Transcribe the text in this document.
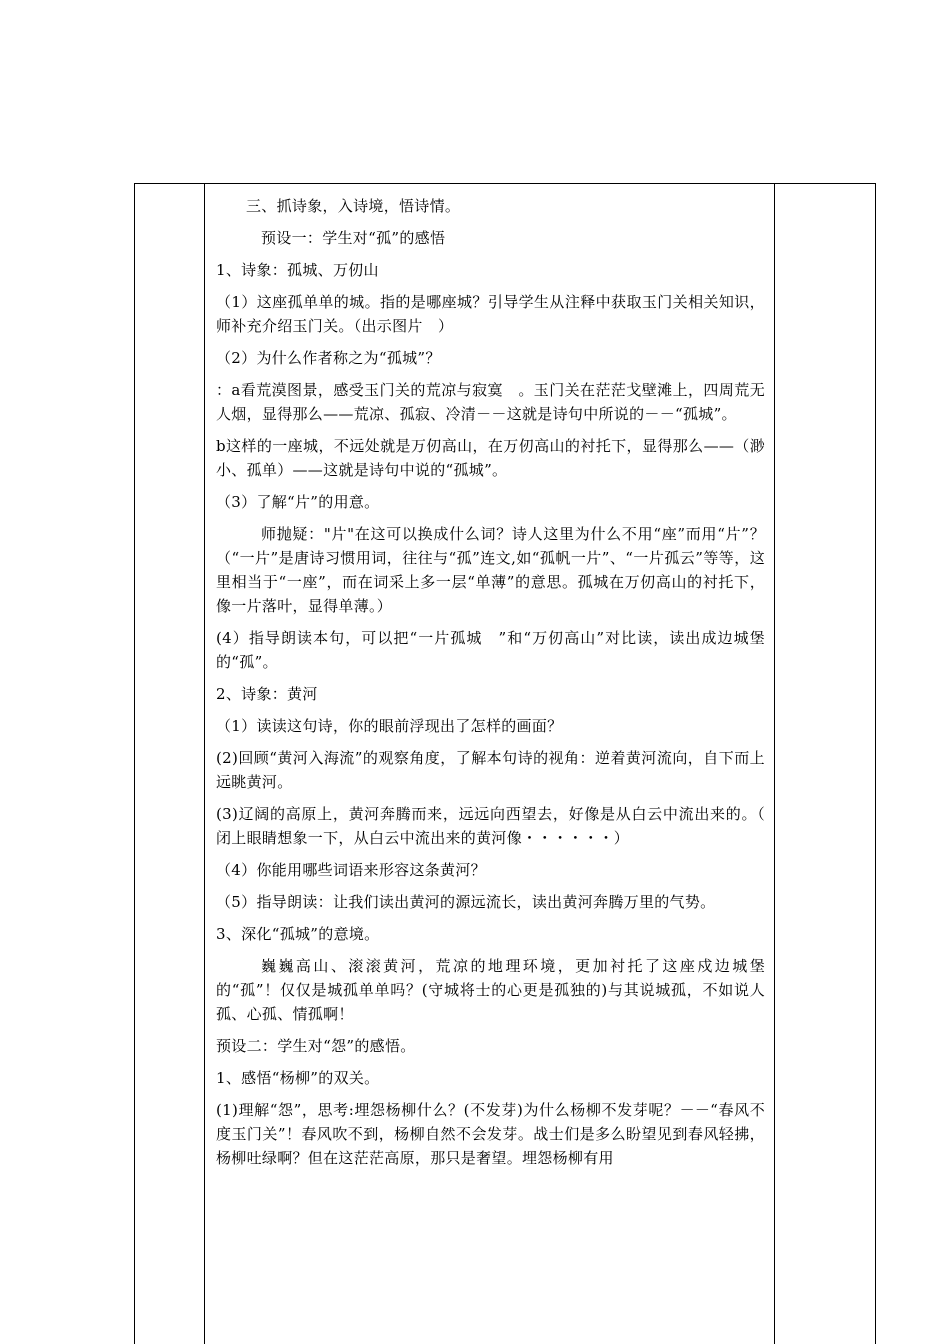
三、抓诗象，入诗境，悟诗情。

预设一：学生对“孤”的感悟

1、诗象：孤城、万仞山

（1）这座孤单单的城。指的是哪座城？引导学生从注释中获取玉门关相关知识，师补充介绍玉门关。（出示图片　）

（2）为什么作者称之为“孤城”？

：a看荒漠图景，感受玉门关的荒凉与寂寞　。玉门关在茫茫戈壁滩上，四周荒无人烟，显得那么——荒凉、孤寂、冷清－－这就是诗句中所说的－－“孤城”。

b这样的一座城，不远处就是万仞高山，在万仞高山的衬托下，显得那么——（渺小、孤单）——这就是诗句中说的“孤城”。

（3）了解“片”的用意。

师抛疑："片"在这可以换成什么词？诗人这里为什么不用“座”而用“片”？（“一片”是唐诗习惯用词，往往与“孤”连文,如“孤帆一片”、“一片孤云”等等，这里相当于“一座”，而在词采上多一层“单薄”的意思。孤城在万仞高山的衬托下，像一片落叶，显得单薄。）

(4）指导朗读本句，可以把“一片孤城　”和“万仞高山”对比读，读出成边城堡的“孤”。

2、诗象：黄河

（1）读读这句诗，你的眼前浮现出了怎样的画面？

(2)回顾“黄河入海流”的观察角度，了解本句诗的视角：逆着黄河流向，自下而上远眺黄河。

(3)辽阔的高原上，黄河奔腾而来，远远向西望去，好像是从白云中流出来的。（ 闭上眼睛想象一下，从白云中流出来的黄河像・・・・・・）

（4）你能用哪些词语来形容这条黄河？

（5）指导朗读：让我们读出黄河的源远流长，读出黄河奔腾万里的气势。

3、深化“孤城”的意境。

巍巍高山、滚滚黄河，荒凉的地理环境，更加衬托了这座戍边城堡的“孤”！仅仅是城孤单单吗？(守城将士的心更是孤独的)与其说城孤，不如说人孤、心孤、情孤啊！

预设二：学生对“怨”的感悟。

1、感悟“杨柳”的双关。

(1)理解“怨”，思考:埋怨杨柳什么？(不发芽)为什么杨柳不发芽呢？－－“春风不度玉门关”！春风吹不到，杨柳自然不会发芽。战士们是多么盼望见到春风轻拂，杨柳吐绿啊？但在这茫茫高原，那只是奢望。埋怨杨柳有用
